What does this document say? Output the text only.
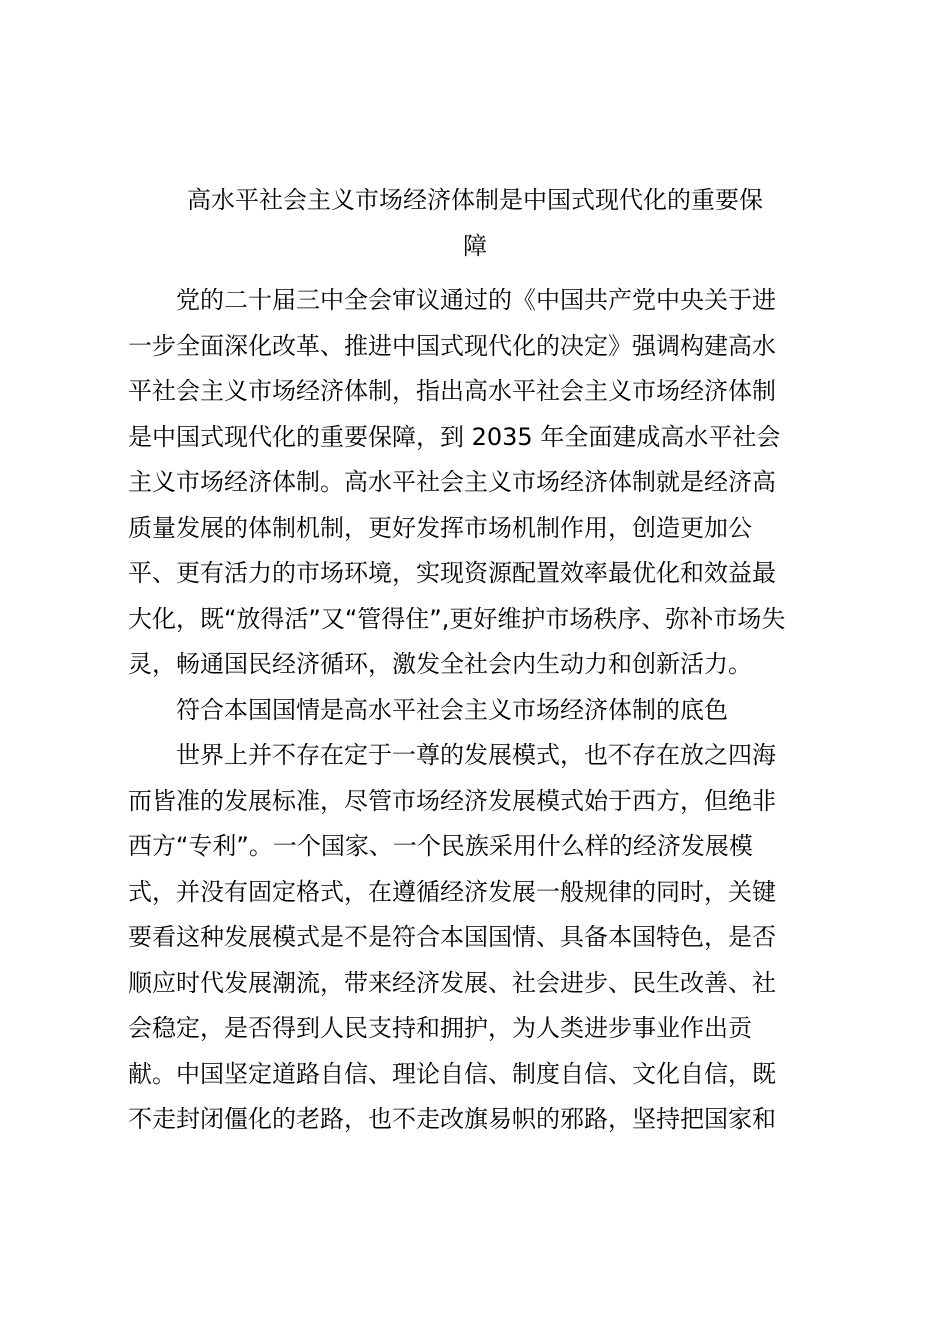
高水平社会主义市场经济体制是中国式现代化的重要保
障
党的二十届三中全会审议通过的《中国共产党中央关于进
一步全面深化改革、推进中国式现代化的决定》强调构建高水
平社会主义市场经济体制，指出高水平社会主义市场经济体制
是中国式现代化的重要保障，到 2035 年全面建成高水平社会
主义市场经济体制。高水平社会主义市场经济体制就是经济高
质量发展的体制机制，更好发挥市场机制作用，创造更加公
平、更有活力的市场环境，实现资源配置效率最优化和效益最
大化，既“放得活”又“管得住”,更好维护市场秩序、弥补市场失
灵，畅通国民经济循环，激发全社会内生动力和创新活力。
符合本国国情是高水平社会主义市场经济体制的底色
世界上并不存在定于一尊的发展模式，也不存在放之四海
而皆准的发展标准，尽管市场经济发展模式始于西方，但绝非
西方“专利”。一个国家、一个民族采用什么样的经济发展模
式，并没有固定格式，在遵循经济发展一般规律的同时，关键
要看这种发展模式是不是符合本国国情、具备本国特色，是否
顺应时代发展潮流，带来经济发展、社会进步、民生改善、社
会稳定，是否得到人民支持和拥护，为人类进步事业作出贡
献。中国坚定道路自信、理论自信、制度自信、文化自信，既
不走封闭僵化的老路，也不走改旗易帜的邪路，坚持把国家和
